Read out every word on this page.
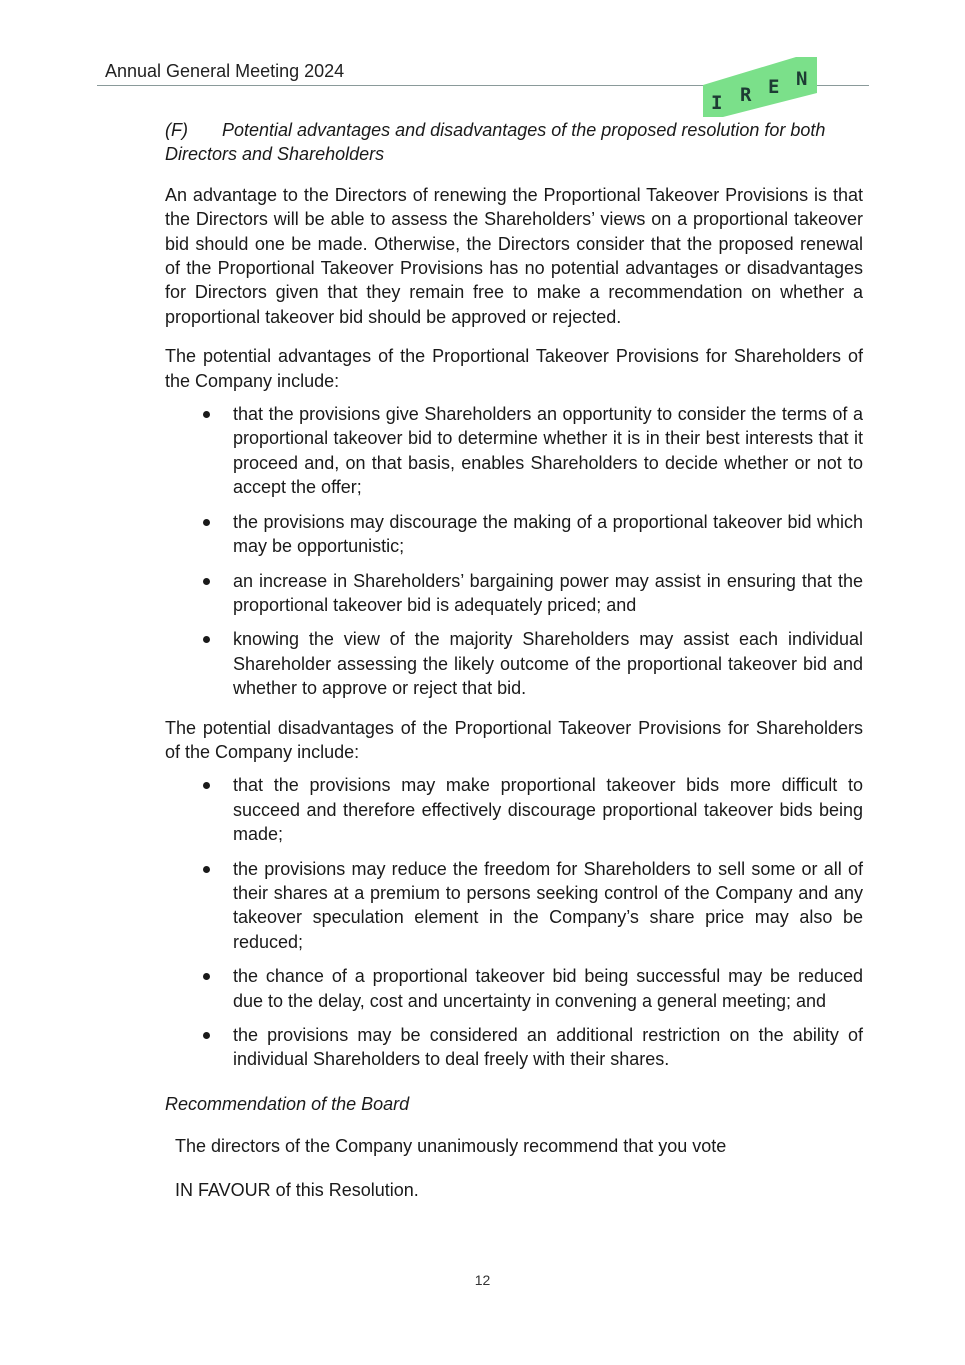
Annual General Meeting 2024
I R E N
(F)	Potential advantages and disadvantages of the proposed resolution for both
Directors and Shareholders

An advantage to the Directors of renewing the Proportional Takeover Provisions is that the Directors will be able to assess the Shareholders’ views on a proportional takeover bid should one be made. Otherwise, the Directors consider that the proposed renewal of the Proportional Takeover Provisions has no potential advantages or disadvantages for Directors given that they remain free to make a recommendation on whether a proportional takeover bid should be approved or rejected.

The potential advantages of the Proportional Takeover Provisions for Shareholders of the Company include:

that the provisions give Shareholders an opportunity to consider the terms of a proportional takeover bid to determine whether it is in their best interests that it proceed and, on that basis, enables Shareholders to decide whether or not to accept the offer;
the provisions may discourage the making of a proportional takeover bid which may be opportunistic;
an increase in Shareholders’ bargaining power may assist in ensuring that the proportional takeover bid is adequately priced; and
knowing the view of the majority Shareholders may assist each individual Shareholder assessing the likely outcome of the proportional takeover bid and whether to approve or reject that bid.

The potential disadvantages of the Proportional Takeover Provisions for Shareholders of the Company include:

that the provisions may make proportional takeover bids more difficult to succeed and therefore effectively discourage proportional takeover bids being made;
the provisions may reduce the freedom for Shareholders to sell some or all of their shares at a premium to persons seeking control of the Company and any takeover speculation element in the Company’s share price may also be reduced;
the chance of a proportional takeover bid being successful may be reduced due to the delay, cost and uncertainty in convening a general meeting; and
the provisions may be considered an additional restriction on the ability of individual Shareholders to deal freely with their shares.
Recommendation of the Board
The directors of the Company unanimously recommend that you vote
IN FAVOUR of this Resolution.
12
